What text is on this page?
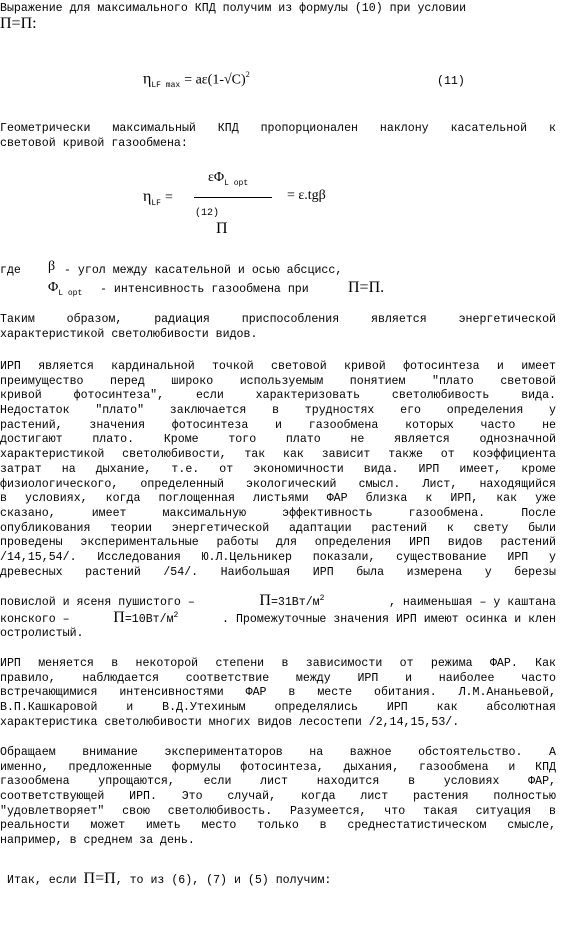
Выражение для максимального КПД получим из формулы (10) при условии
П=П:
$\eta_{LF max} = a\varepsilon(1-√C)^2$
(11)
Геометрически максимальный КПД пропорционален наклону касательной к
световой кривой газообмена:
$\varepsilon\Phi_{L opt}$
$\eta_{LF}$ =	= ε.tgβ
(12)
П
где β - угол между касательной и осью абсцисс,
$\Phi_{L opt}$ - интенсивность газообмена при П=П.
Таким образом, радиация приспособления является энергетической
характеристикой светолюбивости видов.
ИРП является кардинальной точкой световой кривой фотосинтеза и имеет
преимущество перед широко используемым понятием "плато световой
кривой фотосинтеза", если характеризовать светолюбивость вида.
Недостаток "плато" заключается в трудностях его определения у
растений, значения фотосинтеза и газообмена которых часто не
достигают плато. Кроме того плато не является однозначной
характеристикой светолюбивости, так как зависит также от коэффициента
затрат на дыхание, т.е. от экономичности вида. ИРП имеет, кроме
физиологического, определенный экологический смысл. Лист, находящийся
в условиях, когда поглощенная листьями ФАР близка к ИРП, как уже
сказано, имеет максимальную эффективность газообмена. После
опубликования теории энергетической адаптации растений к свету были
проведены экспериментальные работы для определения ИРП видов растений
/14,15,54/. Исследования Ю.Л.Цельникер показали, существование ИРП у
древесных растений /54/. Наибольшая ИРП была измерена у березы
повислой и ясеня пушистого –	$П=31Вт/м^2$	, наименьшая – у каштана
конского –	$П=10Вт/м^2$	. Промежуточные значения ИРП имеют осинка и клен
остролистый.
ИРП меняется в некоторой степени в зависимости от режима ФАР. Как
правило, наблюдается соответствие между ИРП и наиболее часто
встречающимися интенсивностями ФАР в месте обитания. Л.М.Ананьевой,
В.П.Кашкаровой и В.Д.Утехиным определялись ИРП как абсолютная
характеристика светолюбивости многих видов лесостепи /2,14,15,53/.
Обращаем внимание экспериментаторов на важное обстоятельство. А
именно, предложенные формулы фотосинтеза, дыхания, газообмена и КПД
газообмена упрощаются, если лист находится в условиях ФАР,
соответствующей ИРП. Это случай, когда лист растения полностью
"удовлетворяет" свою светолюбивость. Разумеется, что такая ситуация в
реальности может иметь место только в среднестатистическом смысле,
например, в среднем за день.
Итак, если
П=П , то из (6), (7) и (5) получим:
